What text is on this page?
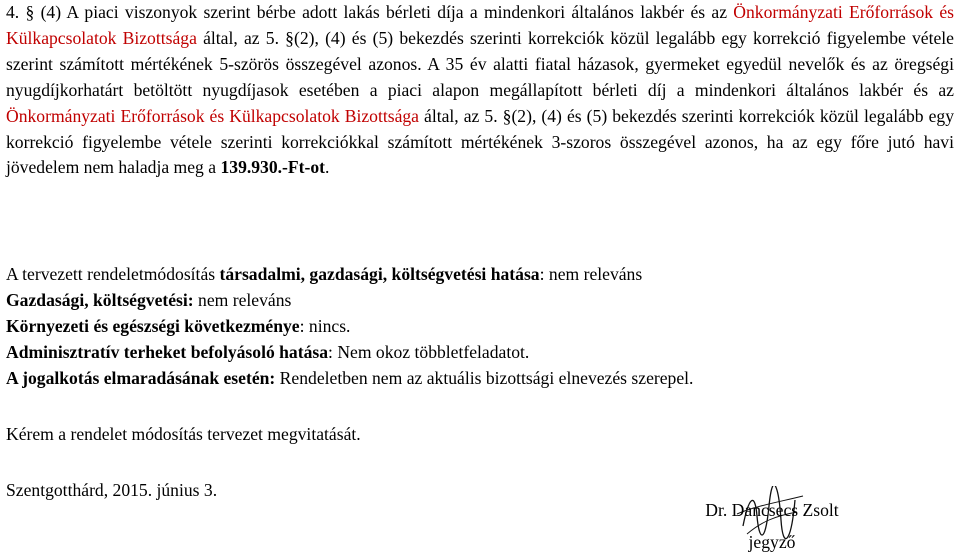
4. § (4) A piaci viszonyok szerint bérbe adott lakás bérleti díja a mindenkori általános lakbér és az Önkormányzati Erőforrások és Külkapcsolatok Bizottsága által, az 5. §(2), (4) és (5) bekezdés szerinti korrekciók közül legalább egy korrekció figyelembe vétele szerint számított mértékének 5-szörös összegével azonos. A 35 év alatti fiatal házasok, gyermeket egyedül nevelők és az öregségi nyugdíjkorhatárt betöltött nyugdíjasok esetében a piaci alapon megállapított bérleti díj a mindenkori általános lakbér és az Önkormányzati Erőforrások és Külkapcsolatok Bizottsága által, az 5. §(2), (4) és (5) bekezdés szerinti korrekciók közül legalább egy korrekció figyelembe vétele szerinti korrekciókkal számított mértékének 3-szoros összegével azonos, ha az egy főre jutó havi jövedelem nem haladja meg a 139.930.-Ft-ot.

A tervezett rendeletmódosítás társadalmi, gazdasági, költségvetési hatása: nem releváns
Gazdasági, költségvetési: nem releváns
Környezeti és egészségi következménye: nincs.
Adminisztratív terheket befolyásoló hatása: Nem okoz többletfeladatot.
A jogalkotás elmaradásának esetén: Rendeletben nem az aktuális bizottsági elnevezés szerepel.
Kérem a rendelet módosítás tervezet megvitatását.
Szentgotthárd, 2015. június 3.
Dr. Dancsecs Zsolt
jegyző
